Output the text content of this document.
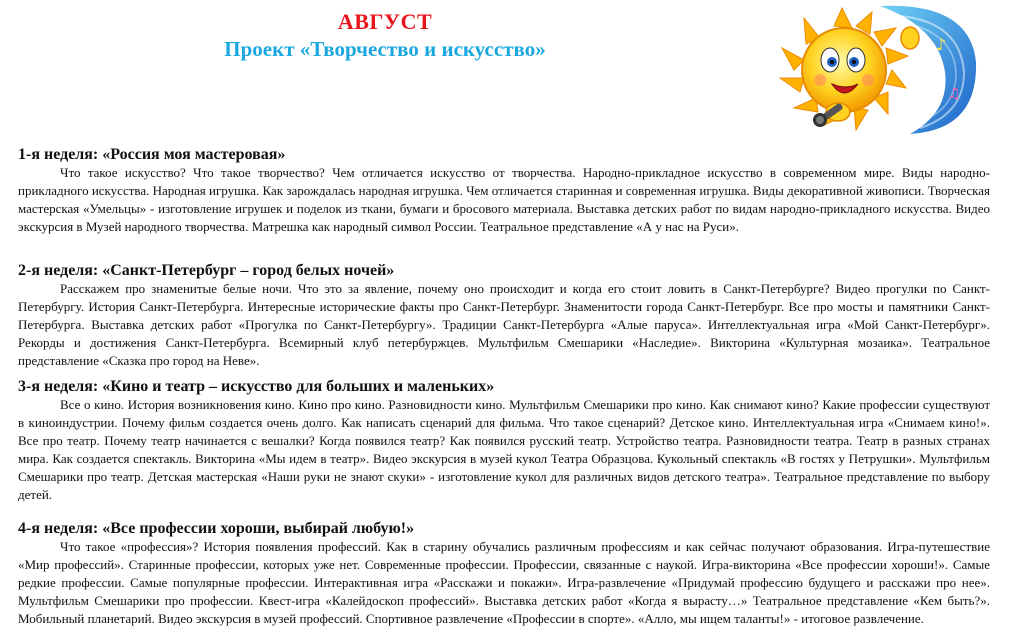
АВГУСТ
Проект «Творчество и искусство»	♪
♫
1-я неделя: «Россия моя мастеровая»

Что такое искусство? Что такое творчество? Чем отличается искусство от творчества. Народно-прикладное искусство в современном мире. Виды народно-прикладного искусства. Народная игрушка. Как зарождалась народная игрушка. Чем отличается старинная и современная игрушка. Виды декоративной живописи. Творческая мастерская «Умельцы» - изготовление игрушек и поделок из ткани, бумаги и бросового материала. Выставка детских работ по видам народно-прикладного искусства. Видео экскурсия в Музей народного творчества. Матрешка как народный символ России. Театральное представление «А у нас на Руси».

2-я неделя: «Санкт-Петербург – город белых ночей»

Расскажем про знаменитые белые ночи. Что это за явление, почему оно происходит и когда его стоит ловить в Санкт-Петербурге? Видео прогулки по Санкт-Петербургу. История Санкт-Петербурга. Интересные исторические факты про Санкт-Петербург. Знаменитости города Санкт-Петербург. Все про мосты и памятники Санкт-Петербурга. Выставка детских работ «Прогулка по Санкт-Петербургу». Традиции Санкт-Петербурга «Алые паруса». Интеллектуальная игра «Мой Санкт-Петербург». Рекорды и достижения Санкт-Петербурга. Всемирный клуб петербуржцев. Мультфильм Смешарики «Наследие». Викторина «Культурная мозаика». Театральное представление «Сказка про город на Неве».

3-я неделя: «Кино и театр – искусство для больших и маленьких»

Все о кино. История возникновения кино. Кино про кино. Разновидности кино. Мультфильм Смешарики про кино. Как снимают кино? Какие профессии существуют в киноиндустрии. Почему фильм создается очень долго. Как написать сценарий для фильма. Что такое сценарий? Детское кино. Интеллектуальная игра «Снимаем кино!». Все про театр. Почему театр начинается с вешалки? Когда появился театр? Как появился русский театр. Устройство театра. Разновидности театра. Театр в разных странах мира. Как создается спектакль. Викторина «Мы идем в театр». Видео экскурсия в музей кукол Театра Образцова. Кукольный спектакль «В гостях у Петрушки». Мультфильм Смешарики про театр. Детская мастерская «Наши руки не знают скуки» - изготовление кукол для различных видов детского театра». Театральное представление по выбору детей.

4-я неделя: «Все профессии хороши, выбирай любую!»

Что такое «профессия»? История появления профессий. Как в старину обучались различным профессиям и как сейчас получают образования. Игра-путешествие «Мир профессий». Старинные профессии, которых уже нет. Современные профессии. Профессии, связанные с наукой. Игра-викторина «Все профессии хороши!». Самые редкие профессии. Самые популярные профессии. Интерактивная игра «Расскажи и покажи». Игра-развлечение «Придумай профессию будущего и расскажи про нее». Мультфильм Смешарики про профессии. Квест-игра «Калейдоскоп профессий». Выставка детских работ «Когда я вырасту…» Театральное представление «Кем быть?». Мобильный планетарий. Видео экскурсия в музей профессий. Спортивное развлечение «Профессии в спорте». «Алло, мы ищем таланты!» - итоговое развлечение.
